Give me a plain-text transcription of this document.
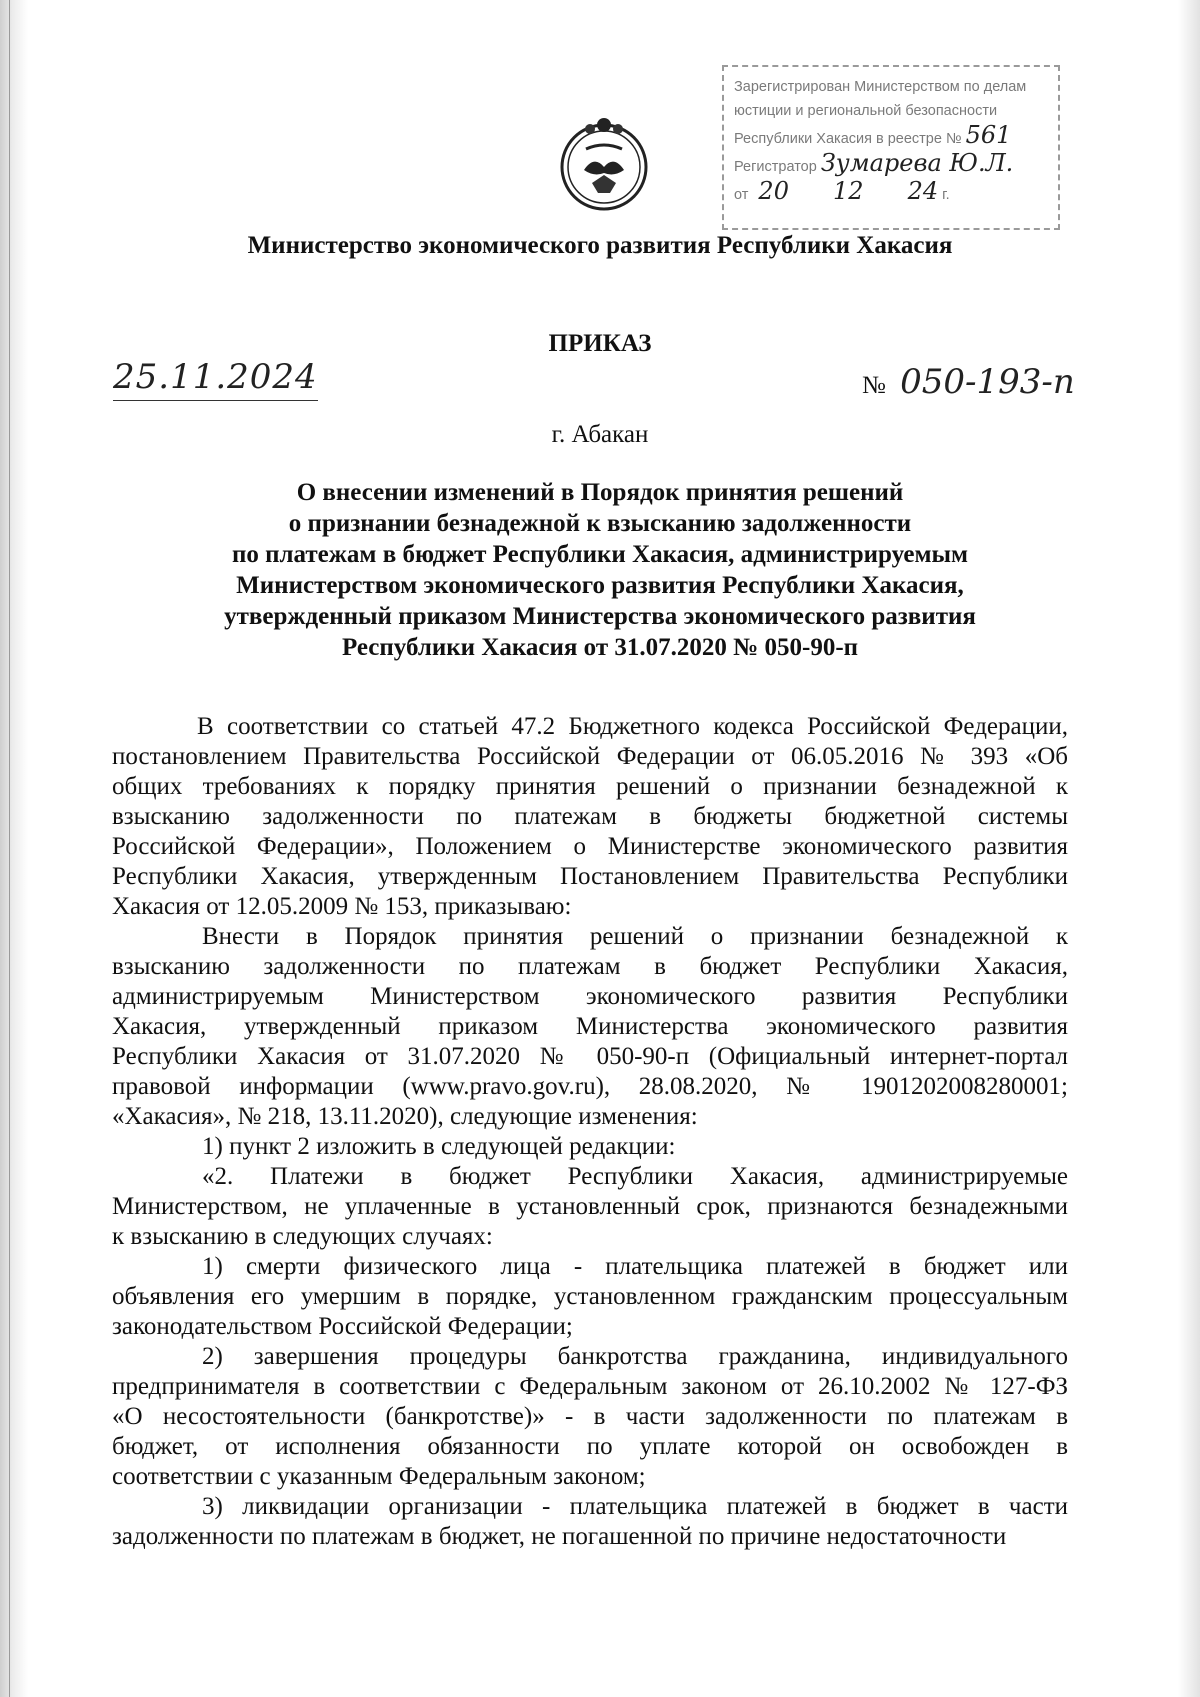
Зарегистрирован Министерством по делам
юстиции и региональной безопасности
Республики Хакасия в реестре № 561
Регистратор Зумарева Ю.Л.
от 20 12 24 г.
Министерство экономического развития Республики Хакасия
ПРИКАЗ
25.11.2024	№ 050-193-п
г. Абакан
О внесении изменений в Порядок принятия решений
о признании безнадежной к взысканию задолженности
по платежам в бюджет Республики Хакасия, администрируемым
Министерством экономического развития Республики Хакасия,
утвержденный приказом Министерства экономического развития
Республики Хакасия от 31.07.2020 № 050-90-п
В соответствии со статьей 47.2 Бюджетного кодекса Российской Федерации,
постановлением Правительства Российской Федерации от 06.05.2016 № 393 «Об
общих требованиях к порядку принятия решений о признании безнадежной к
взысканию задолженности по платежам в бюджеты бюджетной системы
Российской Федерации», Положением о Министерстве экономического развития
Республики Хакасия, утвержденным Постановлением Правительства Республики
Хакасия от 12.05.2009 № 153, приказываю:
Внести в Порядок принятия решений о признании безнадежной к
взысканию задолженности по платежам в бюджет Республики Хакасия,
администрируемым Министерством экономического развития Республики
Хакасия, утвержденный приказом Министерства экономического развития
Республики Хакасия от 31.07.2020 № 050-90-п (Официальный интернет-портал
правовой информации (www.pravo.gov.ru), 28.08.2020, № 1901202008280001;
«Хакасия», № 218, 13.11.2020), следующие изменения:
1) пункт 2 изложить в следующей редакции:
«2. Платежи в бюджет Республики Хакасия, администрируемые
Министерством, не уплаченные в установленный срок, признаются безнадежными
к взысканию в следующих случаях:
1) смерти физического лица - плательщика платежей в бюджет или
объявления его умершим в порядке, установленном гражданским процессуальным
законодательством Российской Федерации;
2) завершения процедуры банкротства гражданина, индивидуального
предпринимателя в соответствии с Федеральным законом от 26.10.2002 № 127-ФЗ
«О несостоятельности (банкротстве)» - в части задолженности по платежам в
бюджет, от исполнения обязанности по уплате которой он освобожден в
соответствии с указанным Федеральным законом;
3) ликвидации организации - плательщика платежей в бюджет в части
задолженности по платежам в бюджет, не погашенной по причине недостаточности
